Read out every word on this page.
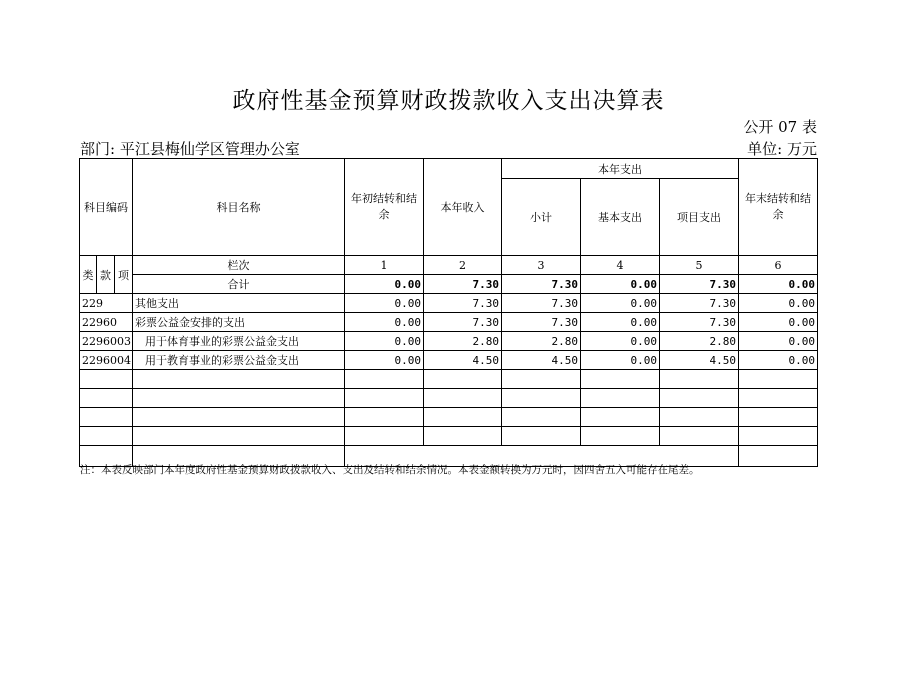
政府性基金预算财政拨款收入支出决算表
公开 07 表
部门: 平江县梅仙学区管理办公室	单位: 万元
科目编码			科目名称	年初结转和结余	本年收入	本年支出			年末结转和结余
						小计	基本支出	项目支出	

类	款	项	栏次	1	2	3	4	5	6
			合计	0.00	7.30	7.30	0.00	7.30	0.00
229			其他支出	0.00	7.30	7.30	0.00	7.30	0.00
22960			彩票公益金安排的支出	0.00	7.30	7.30	0.00	7.30	0.00
2296003			用于体育事业的彩票公益金支出	0.00	2.80	2.80	0.00	2.80	0.00
2296004			用于教育事业的彩票公益金支出	0.00	4.50	4.50	0.00	4.50	0.00

注：本表反映部门本年度政府性基金预算财政拨款收入、支出及结转和结余情况。本表金额转换为万元时，因四舍五入可能存在尾差。
